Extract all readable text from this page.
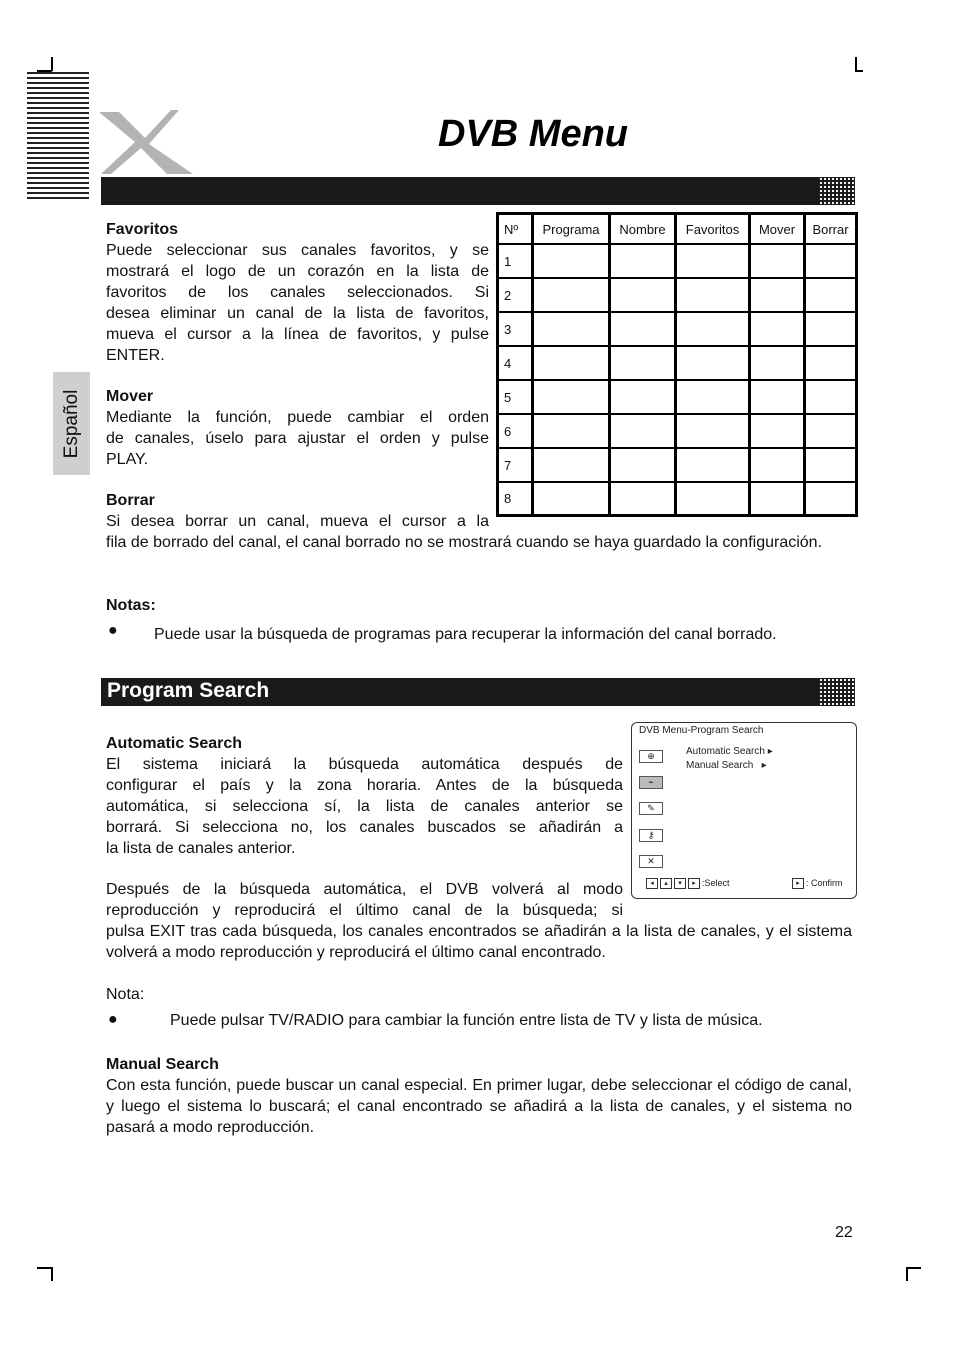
DVB Menu
Español
Favoritos
Puede seleccionar sus canales favoritos, y se
mostrará el logo de un corazón en la lista de
favoritos de los canales seleccionados. Si
desea eliminar un canal de la lista de favoritos,
mueva el cursor a la línea de favoritos, y pulse
ENTER.
Mover
Mediante la función, puede cambiar el orden
de canales, úselo para ajustar el orden y pulse
PLAY.
Borrar
Si desea borrar un canal, mueva el cursor a la
fila de borrado del canal, el canal borrado no se mostrará cuando se haya guardado la configuración.
Notas:
● Puede usar la búsqueda de programas para recuperar la información del canal borrado.
Nº	Programa	Nombre	Favoritos	Mover	Borrar
1					
2					
3					
4					
5					
6					
7					
8					
Program Search
Automatic Search
El sistema iniciará la búsqueda automática después de
configurar el país y la zona horaria. Antes de la búsqueda
automática, si selecciona sí, la lista de canales anterior se
borrará. Si selecciona no, los canales buscados se añadirán a
la lista de canales anterior.
Después de la búsqueda automática, el DVB volverá al modo
reproducción y reproducirá el último canal de la búsqueda; si
pulsa EXIT tras cada búsqueda, los canales encontrados se añadirán a la lista de canales, y el sistema volverá a modo reproducción y reproducirá el último canal encontrado.
Nota:
●	Puede pulsar TV/RADIO para cambiar la función entre lista de TV y lista de música.
Manual Search
Con esta función, puede buscar un canal especial. En primer lugar, debe seleccionar el código de canal, y luego el sistema lo buscará; el canal encontrado se añadirá a la lista de canales, y el sistema no pasará a modo reproducción.
DVB Menu-Program Search
⊕
⌁
✎
⚷
✕
Automatic Search ▸
Manual Search   ▸
◂ ▴ ▾ ▸ :Select	▸ : Confirm
22
